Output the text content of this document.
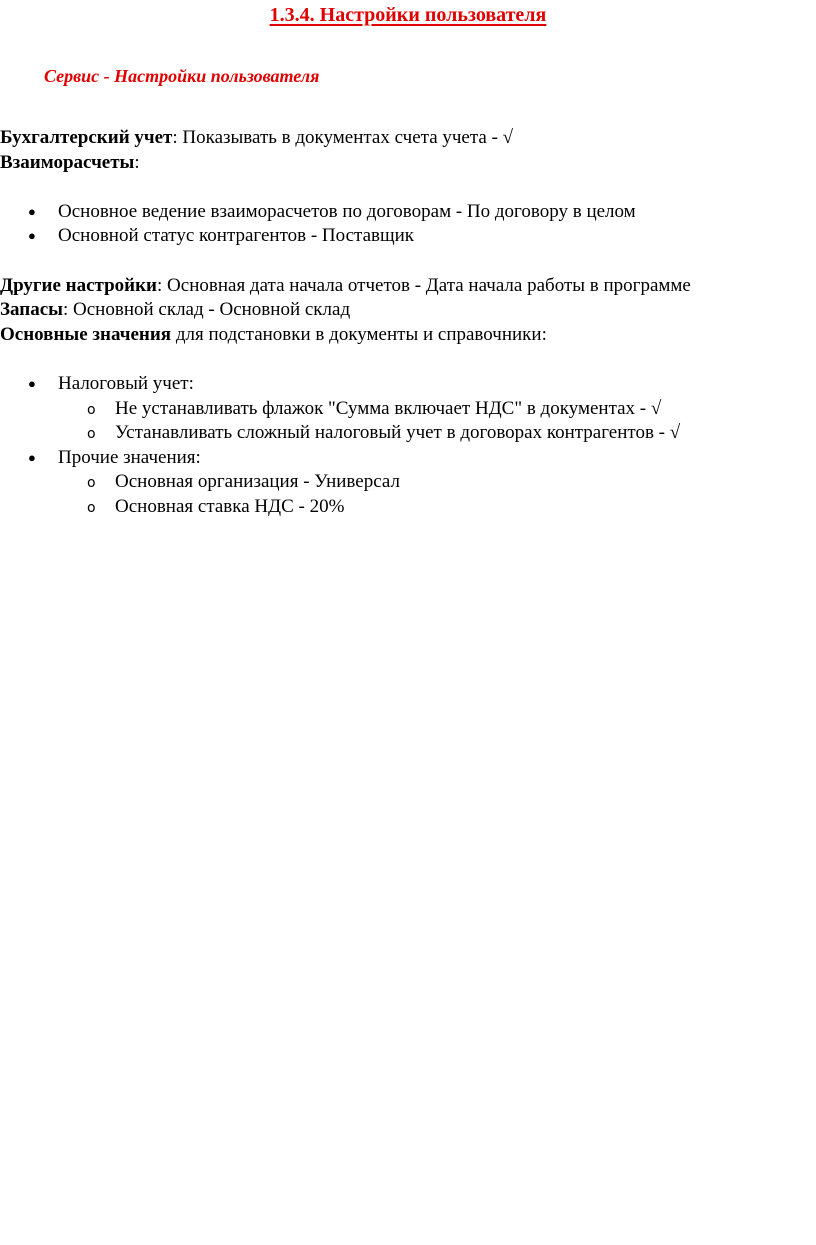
1.3.4. Настройки пользователя
Сервис - Настройки пользователя
Бухгалтерский учет: Показывать в документах счета учета - √
Взаиморасчеты:
● Основное ведение взаиморасчетов по договорам - По договору в целом
● Основной статус контрагентов - Поставщик
Другие настройки: Основная дата начала отчетов - Дата начала работы в программе
Запасы: Основной склад - Основной склад
Основные значения для подстановки в документы и справочники:
● Налоговый учет:
o Не устанавливать флажок "Сумма включает НДС" в документах - √
o Устанавливать сложный налоговый учет в договорах контрагентов - √
● Прочие значения:
o Основная организация - Универсал
o Основная ставка НДС - 20%
